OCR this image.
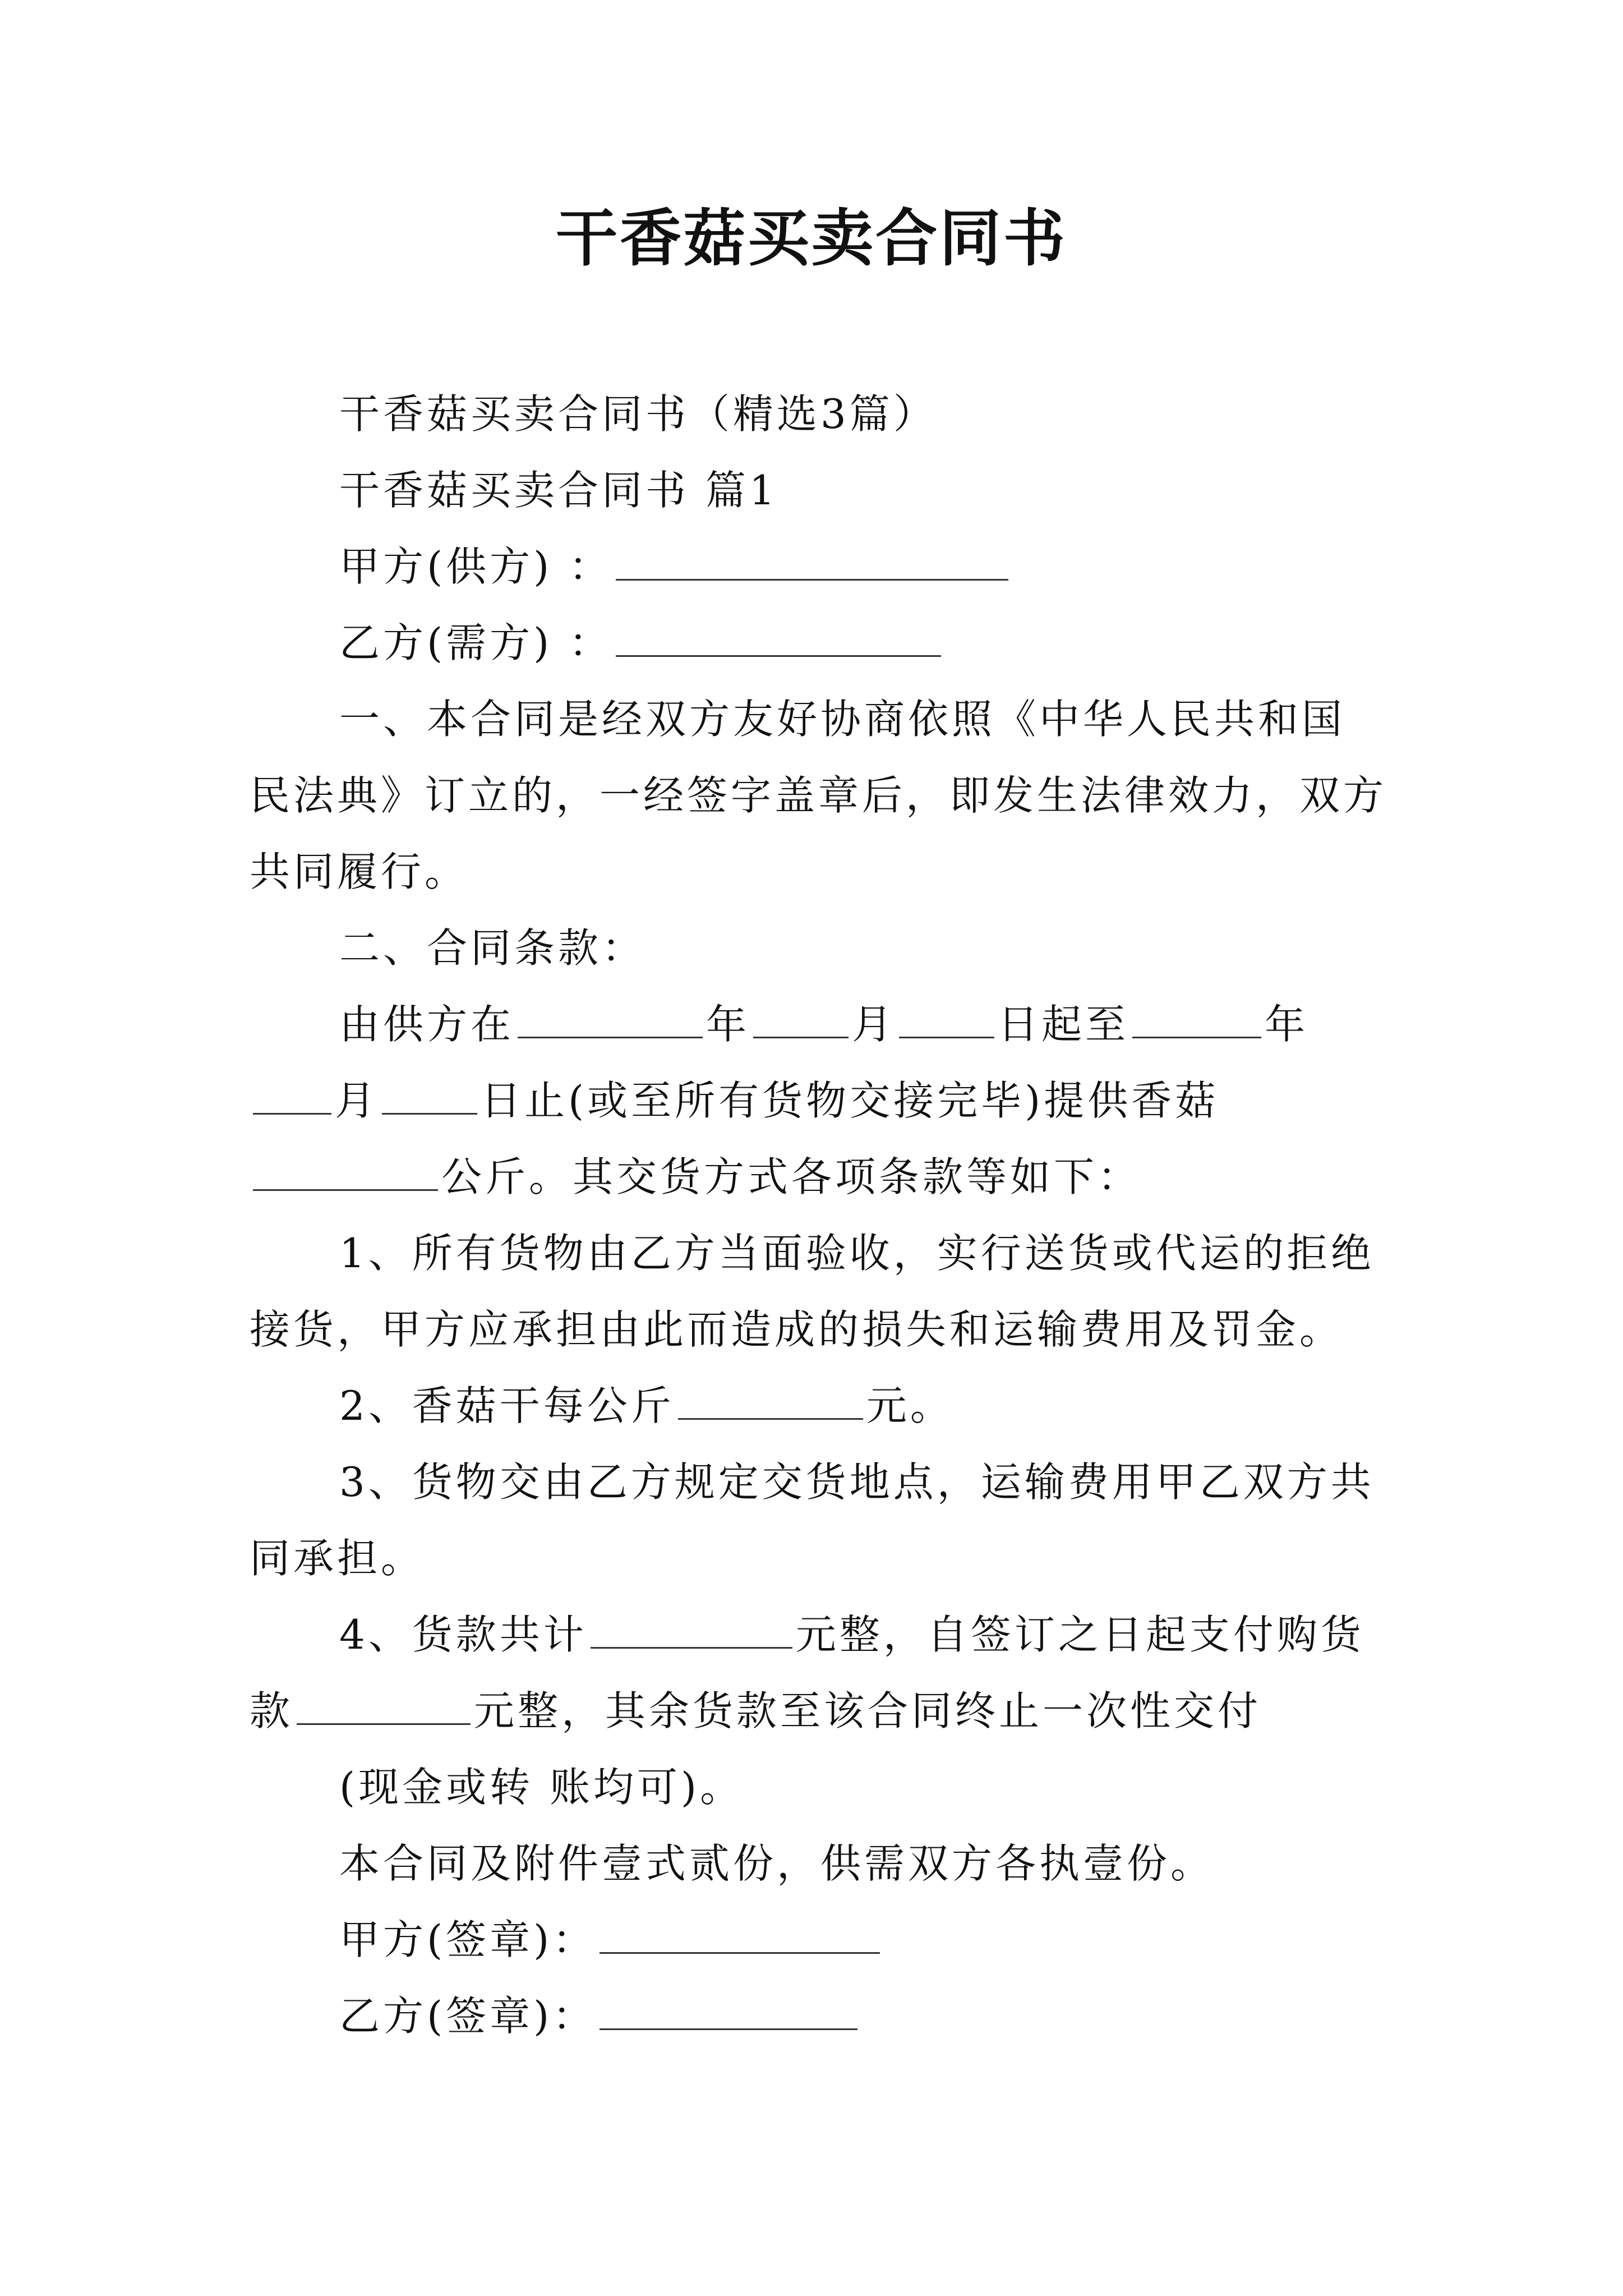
干香菇买卖合同书

干香菇买卖合同书（精选3篇）

干香菇买卖合同书 篇1

甲方(供方) ：

乙方(需方) ：

一、本合同是经双方友好协商依照《中华人民共和国民法典》订立的，一经签字盖章后，即发生法律效力，双方共同履行。

二、合同条款：

由供方在	年	月	日起至	年月	日止(或至所有货物交接完毕)提供香菇公斤。其交货方式各项条款等如下：

1、所有货物由乙方当面验收，实行送货或代运的拒绝接货，甲方应承担由此而造成的损失和运输费用及罚金。

2、香菇干每公斤	元。

3、货物交由乙方规定交货地点，运输费用甲乙双方共同承担。

4、货款共计	元整，自签订之日起支付购货款	元整，其余货款至该合同终止一次性交付

(现金或转 账均可)。

本合同及附件壹式贰份，供需双方各执壹份。

甲方(签章)：

乙方(签章)：
